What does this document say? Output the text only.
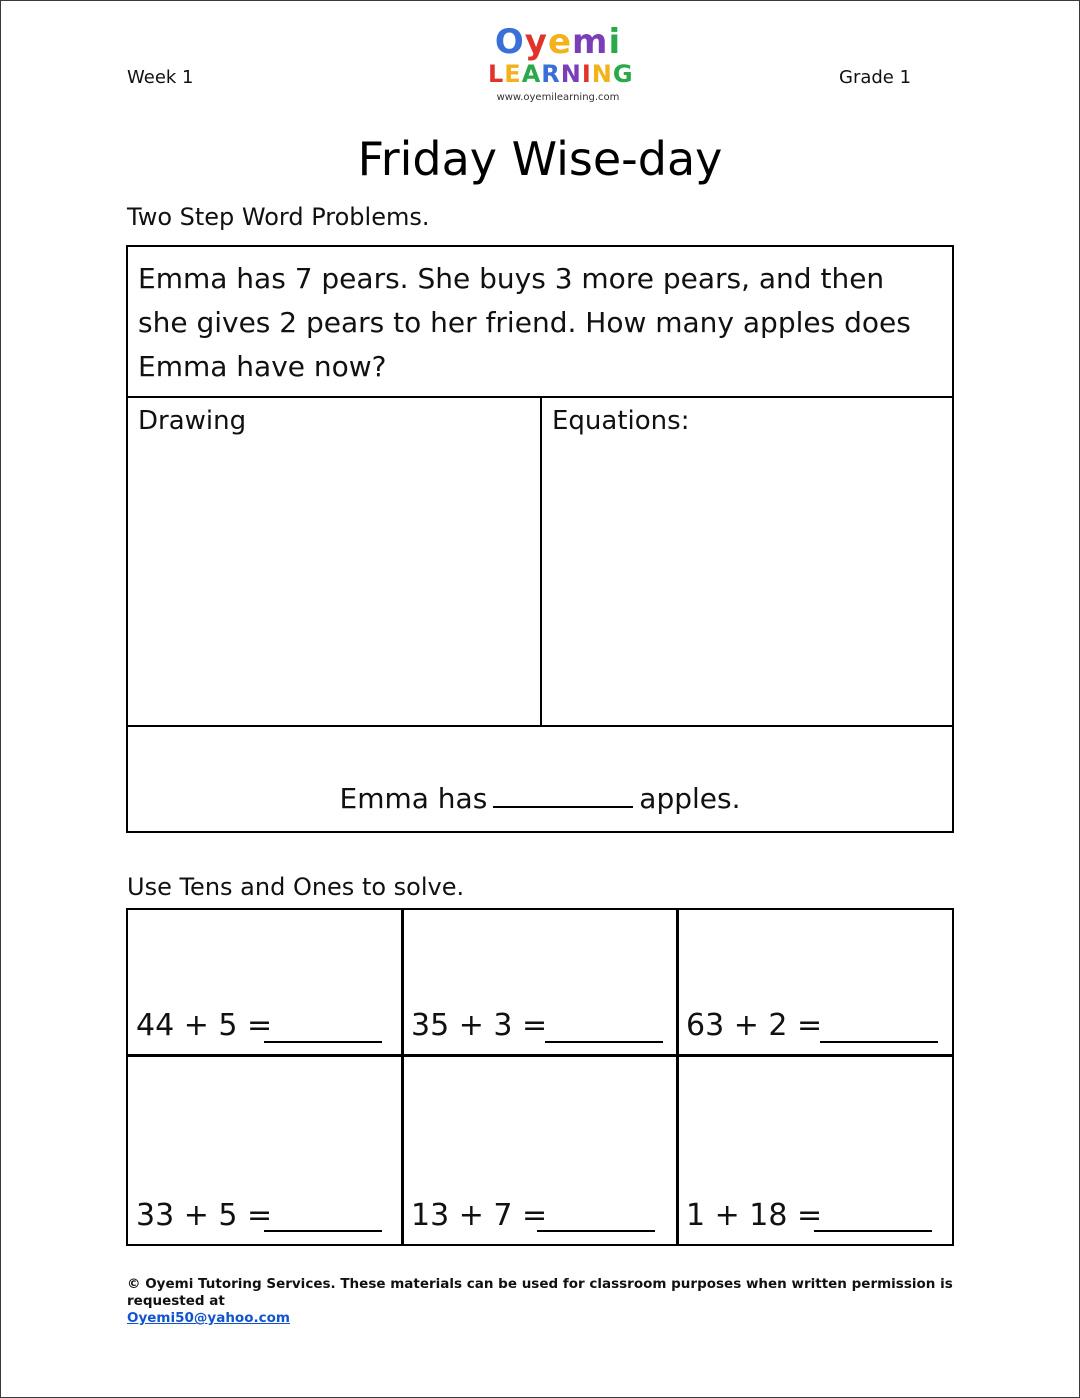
Week 1	Grade 1
Oyemi
LEARNING
www.oyemilearning.com
Friday Wise-day
Two Step Word Problems.
Emma has 7 pears. She buys 3 more pears, and then she gives 2 pears to her friend. How many apples does Emma have now?
Drawing	Equations:
Emma has	apples.
Use Tens and Ones to solve.
44 + 5 =	35 + 3 =	63 + 2 =
33 + 5 =	13 + 7 =	1 + 18 =
© Oyemi Tutoring Services. These materials can be used for classroom purposes when written permission is requested at
Oyemi50@yahoo.com
